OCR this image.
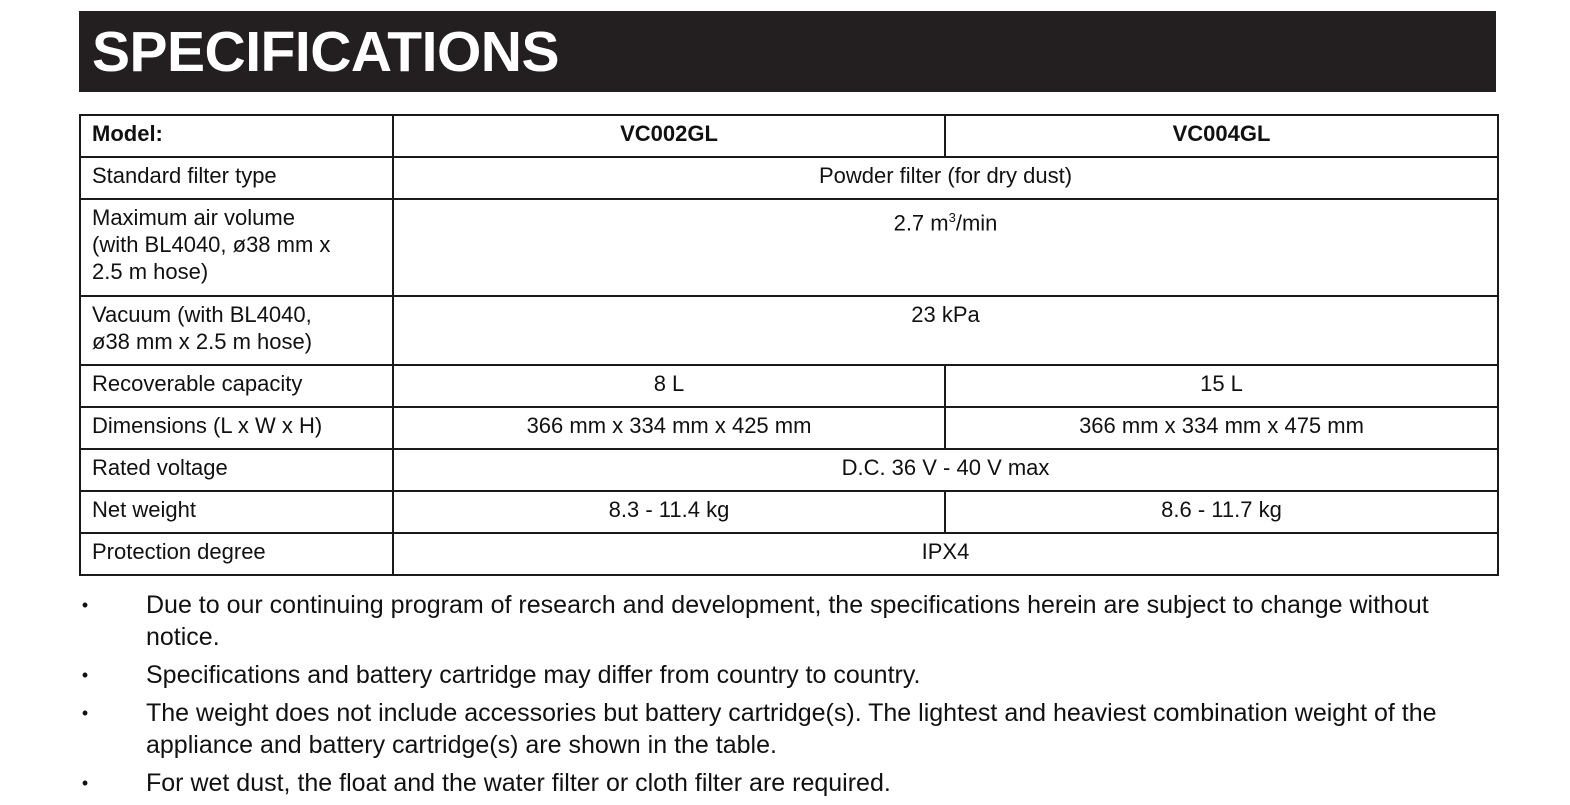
SPECIFICATIONS
Model:	VC002GL	VC004GL
Standard filter type	Powder filter (for dry dust)	
Maximum air volume
(with BL4040, ø38 mm x
2.5 m hose)	2.7 $m^3/\min$	
Vacuum (with BL4040,
ø38 mm x 2.5 m hose)	23 kPa	
Recoverable capacity	8 L	15 L
Dimensions (L x W x H)	366 mm x 334 mm x 425 mm	366 mm x 334 mm x 475 mm
Rated voltage	D.C. 36 V - 40 V max	
Net weight	8.3 - 11.4 kg	8.6 - 11.7 kg
Protection degree	IPX4	
• Due to our continuing program of research and development, the specifications herein are subject to change without notice.
• Specifications and battery cartridge may differ from country to country.
• The weight does not include accessories but battery cartridge(s). The lightest and heaviest combination weight of the appliance and battery cartridge(s) are shown in the table.
• For wet dust, the float and the water filter or cloth filter are required.
